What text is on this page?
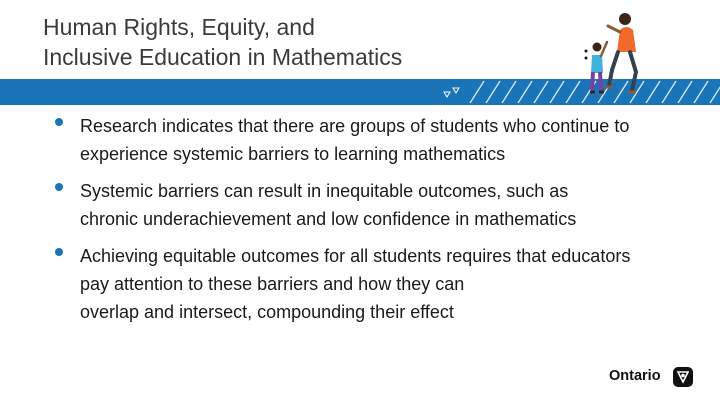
Human Rights, Equity, and
Inclusive Education in Mathematics
Research indicates that there are groups of students who continue to
experience systemic barriers to learning mathematics
Systemic barriers can result in inequitable outcomes, such as
chronic underachievement and low confidence in mathematics
Achieving equitable outcomes for all students requires that educators
pay attention to these barriers and how they can
overlap and intersect, compounding their effect
Ontario
